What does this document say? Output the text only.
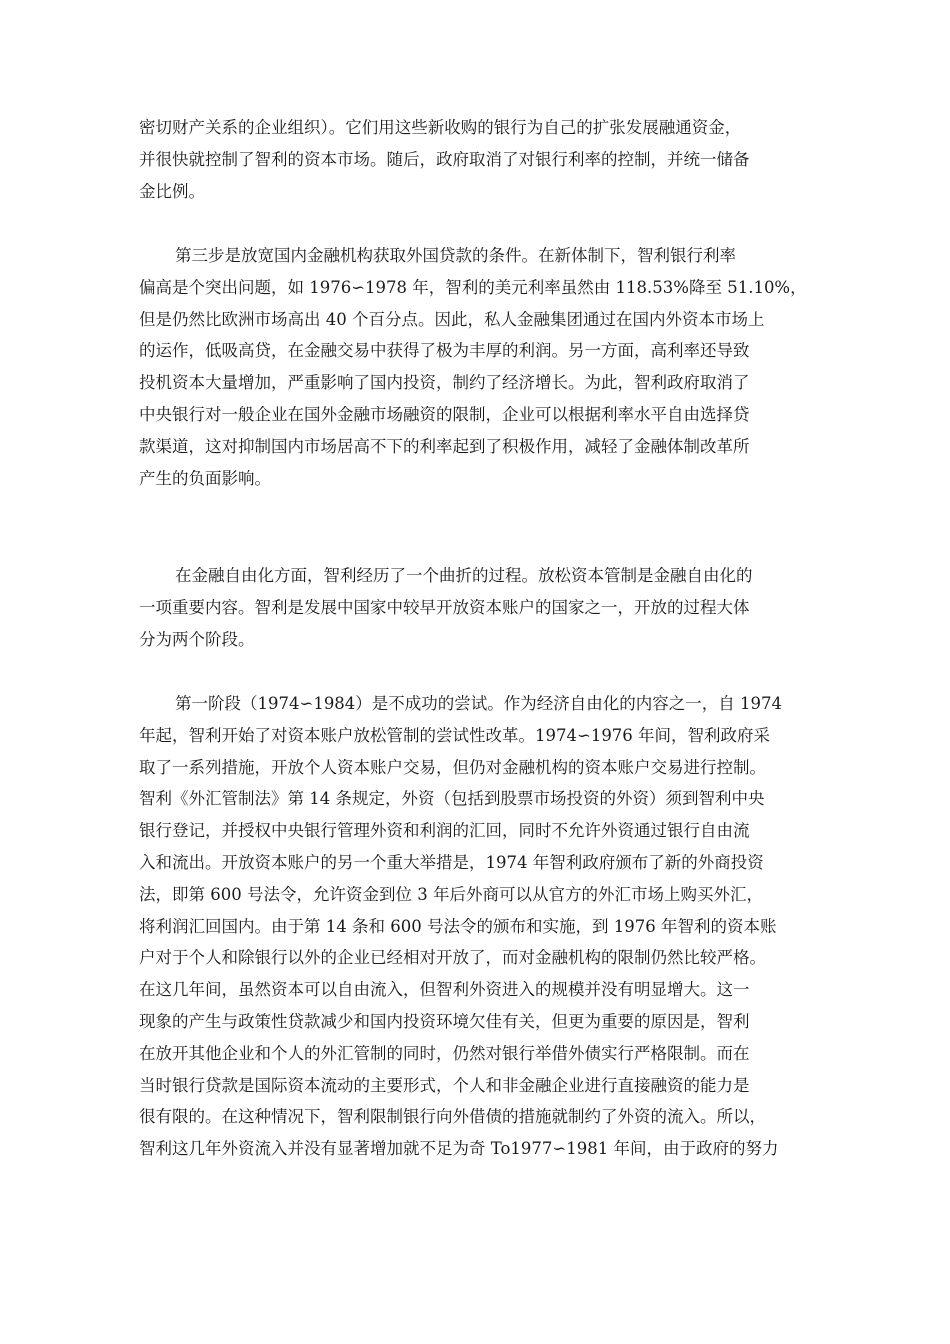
密切财产关系的企业组织）。它们用这些新收购的银行为自己的扩张发展融通资金，
并很快就控制了智利的资本市场。随后，政府取消了对银行利率的控制，并统一储备
金比例。
第三步是放宽国内金融机构获取外国贷款的条件。在新体制下，智利银行利率
偏高是个突出问题，如 1976∽1978 年，智利的美元利率虽然由 118.53%降至 51.10%，
但是仍然比欧洲市场高出 40 个百分点。因此，私人金融集团通过在国内外资本市场上
的运作，低吸高贷，在金融交易中获得了极为丰厚的利润。另一方面，高利率还导致
投机资本大量增加，严重影响了国内投资，制约了经济增长。为此，智利政府取消了
中央银行对一般企业在国外金融市场融资的限制，企业可以根据利率水平自由选择贷
款渠道，这对抑制国内市场居高不下的利率起到了积极作用，减轻了金融体制改革所
产生的负面影响。
在金融自由化方面，智利经历了一个曲折的过程。放松资本管制是金融自由化的
一项重要内容。智利是发展中国家中较早开放资本账户的国家之一，开放的过程大体
分为两个阶段。
第一阶段（1974∽1984）是不成功的尝试。作为经济自由化的内容之一，自 1974
年起，智利开始了对资本账户放松管制的尝试性改革。1974∽1976 年间，智利政府采
取了一系列措施，开放个人资本账户交易，但仍对金融机构的资本账户交易进行控制。
智利《外汇管制法》第 14 条规定，外资（包括到股票市场投资的外资）须到智利中央
银行登记，并授权中央银行管理外资和利润的汇回，同时不允许外资通过银行自由流
入和流出。开放资本账户的另一个重大举措是，1974 年智利政府颁布了新的外商投资
法，即第 600 号法令，允许资金到位 3 年后外商可以从官方的外汇市场上购买外汇，
将利润汇回国内。由于第 14 条和 600 号法令的颁布和实施，到 1976 年智利的资本账
户对于个人和除银行以外的企业已经相对开放了，而对金融机构的限制仍然比较严格。
在这几年间，虽然资本可以自由流入，但智利外资进入的规模并没有明显增大。这一
现象的产生与政策性贷款减少和国内投资环境欠佳有关，但更为重要的原因是，智利
在放开其他企业和个人的外汇管制的同时，仍然对银行举借外债实行严格限制。而在
当时银行贷款是国际资本流动的主要形式，个人和非金融企业进行直接融资的能力是
很有限的。在这种情况下，智利限制银行向外借债的措施就制约了外资的流入。所以，
智利这几年外资流入并没有显著增加就不足为奇 To1977∽1981 年间，由于政府的努力
